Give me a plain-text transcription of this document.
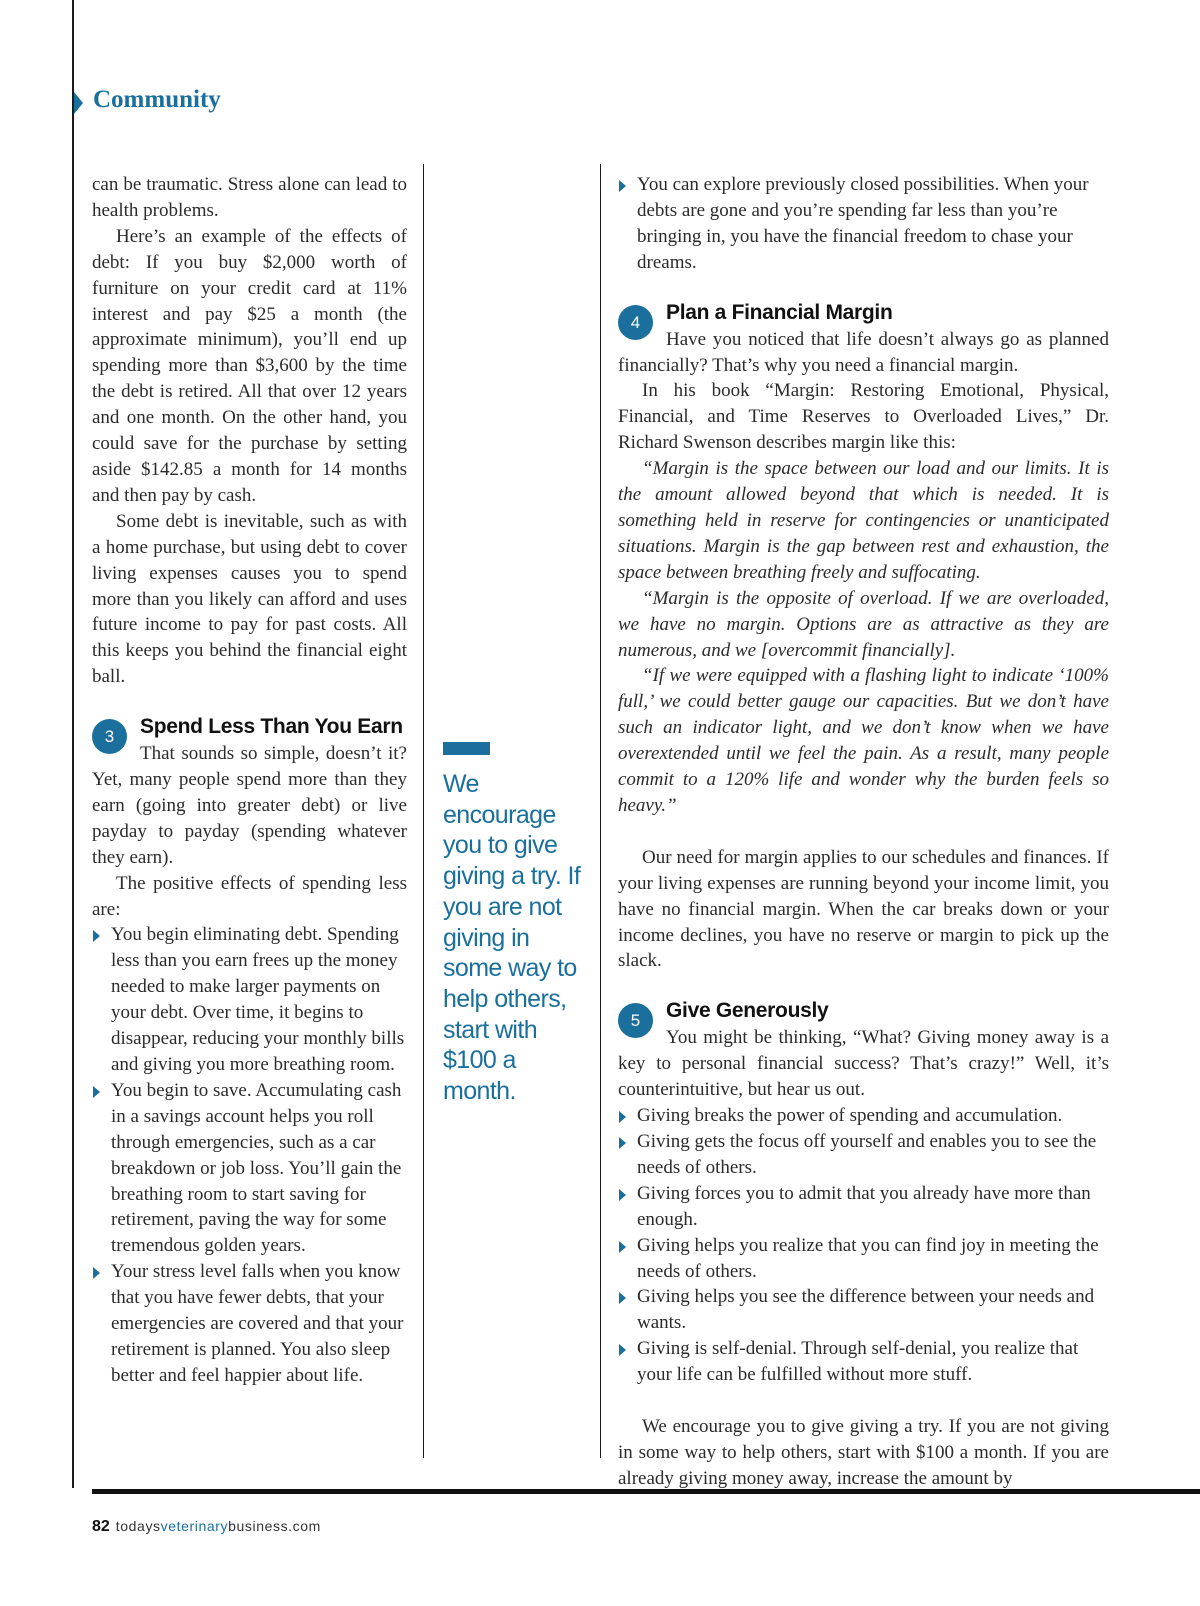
Community

can be traumatic. Stress alone can lead to health problems.

Here’s an example of the effects of debt: If you buy $2,000 worth of furniture on your credit card at 11% interest and pay $25 a month (the approximate minimum), you’ll end up spending more than $3,600 by the time the debt is retired. All that over 12 years and one month. On the other hand, you could save for the purchase by setting aside $142.85 a month for 14 months and then pay by cash.

Some debt is inevitable, such as with a home purchase, but using debt to cover living expenses causes you to spend more than you likely can afford and uses future income to pay for past costs. All this keeps you behind the financial eight ball.

3	Spend Less Than You Earn

That sounds so simple, doesn’t it? Yet, many people spend more than they earn (going into greater debt) or live payday to payday (spending whatever they earn).

The positive effects of spending less are:

You begin eliminating debt. Spending less than you earn frees up the money needed to make larger payments on your debt. Over time, it begins to disappear, reducing your monthly bills and giving you more breathing room.
You begin to save. Accumulating cash in a savings account helps you roll through emergencies, such as a car breakdown or job loss. You’ll gain the breathing room to start saving for retirement, paving the way for some tremendous golden years.
Your stress level falls when you know that you have fewer debts, that your emergencies are covered and that your retirement is planned. You also sleep better and feel happier about life.
We encourage you to give giving a try. If you are not giving in some way to help others, start with $100 a month.
You can explore previously closed possibilities. When your debts are gone and you’re spending far less than you’re bringing in, you have the financial freedom to chase your dreams.
4	Plan a Financial Margin

Have you noticed that life doesn’t always go as planned financially? That’s why you need a financial margin.

In his book “Margin: Restoring Emotional, Physical, Financial, and Time Reserves to Overloaded Lives,” Dr. Richard Swenson describes margin like this:

“Margin is the space between our load and our limits. It is the amount allowed beyond that which is needed. It is something held in reserve for contingencies or unanticipated situations. Margin is the gap between rest and exhaustion, the space between breathing freely and suffocating.

“Margin is the opposite of overload. If we are overloaded, we have no margin. Options are as attractive as they are numerous, and we [overcommit financially].

“If we were equipped with a flashing light to indicate ‘100% full,’ we could better gauge our capacities. But we don’t have such an indicator light, and we don’t know when we have overextended until we feel the pain. As a result, many people commit to a 120% life and wonder why the burden feels so heavy.”

Our need for margin applies to our schedules and finances. If your living expenses are running beyond your income limit, you have no financial margin. When the car breaks down or your income declines, you have no reserve or margin to pick up the slack.

5	Give Generously

You might be thinking, “What? Giving money away is a key to personal financial success? That’s crazy!” Well, it’s counterintuitive, but hear us out.

Giving breaks the power of spending and accumulation.
Giving gets the focus off yourself and enables you to see the needs of others.
Giving forces you to admit that you already have more than enough.
Giving helps you realize that you can find joy in meeting the needs of others.
Giving helps you see the difference between your needs and wants.
Giving is self-denial. Through self-denial, you realize that your life can be fulfilled without more stuff.

We encourage you to give giving a try. If you are not giving in some way to help others, start with $100 a month. If you are already giving money away, increase the amount by

82 todaysveterinarybusiness.com
